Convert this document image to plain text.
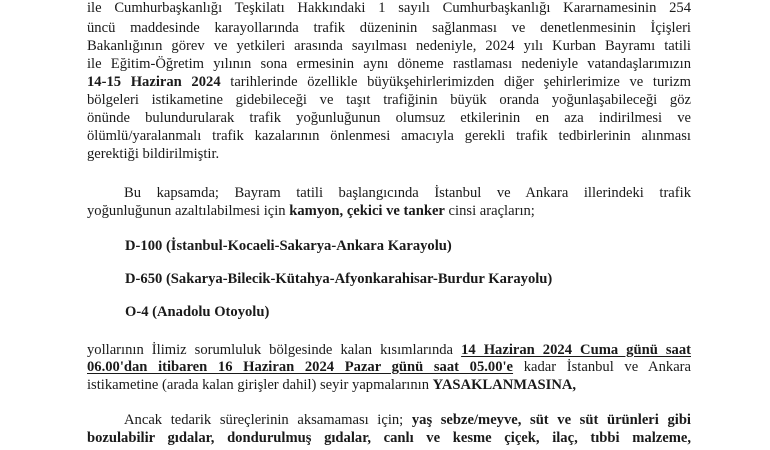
ile Cumhurbaşkanlığı Teşkilatı Hakkındaki 1 sayılı Cumhurbaşkanlığı Kararnamesinin 254
üncü maddesinde karayollarında trafik düzeninin sağlanması ve denetlenmesinin İçişleri
Bakanlığının görev ve yetkileri arasında sayılması nedeniyle, 2024 yılı Kurban Bayramı tatili
ile Eğitim-Öğretim yılının sona ermesinin aynı döneme rastlaması nedeniyle vatandaşlarımızın
14-15 Haziran 2024 tarihlerinde özellikle büyükşehirlerimizden diğer şehirlerimize ve turizm
bölgeleri istikametine gidebileceği ve taşıt trafiğinin büyük oranda yoğunlaşabileceği göz
önünde bulundurularak trafik yoğunluğunun olumsuz etkilerinin en aza indirilmesi ve
ölümlü/yaralanmalı trafik kazalarının önlenmesi amacıyla gerekli trafik tedbirlerinin alınması
gerektiği bildirilmiştir.
Bu kapsamda; Bayram tatili başlangıcında İstanbul ve Ankara illerindeki trafik
yoğunluğunun azaltılabilmesi için kamyon, çekici ve tanker cinsi araçların;
D-100 (İstanbul-Kocaeli-Sakarya-Ankara Karayolu)
D-650 (Sakarya-Bilecik-Kütahya-Afyonkarahisar-Burdur Karayolu)
O-4 (Anadolu Otoyolu)
yollarının İlimiz sorumluluk bölgesinde kalan kısımlarında 14 Haziran 2024 Cuma günü saat
06.00'dan itibaren 16 Haziran 2024 Pazar günü saat 05.00'e kadar İstanbul ve Ankara
istikametine (arada kalan girişler dahil) seyir yapmalarının YASAKLANMASINA,
Ancak tedarik süreçlerinin aksamaması için; yaş sebze/meyve, süt ve süt ürünleri gibi
bozulabilir gıdalar, dondurulmuş gıdalar, canlı ve kesme çiçek, ilaç, tıbbi malzeme,
